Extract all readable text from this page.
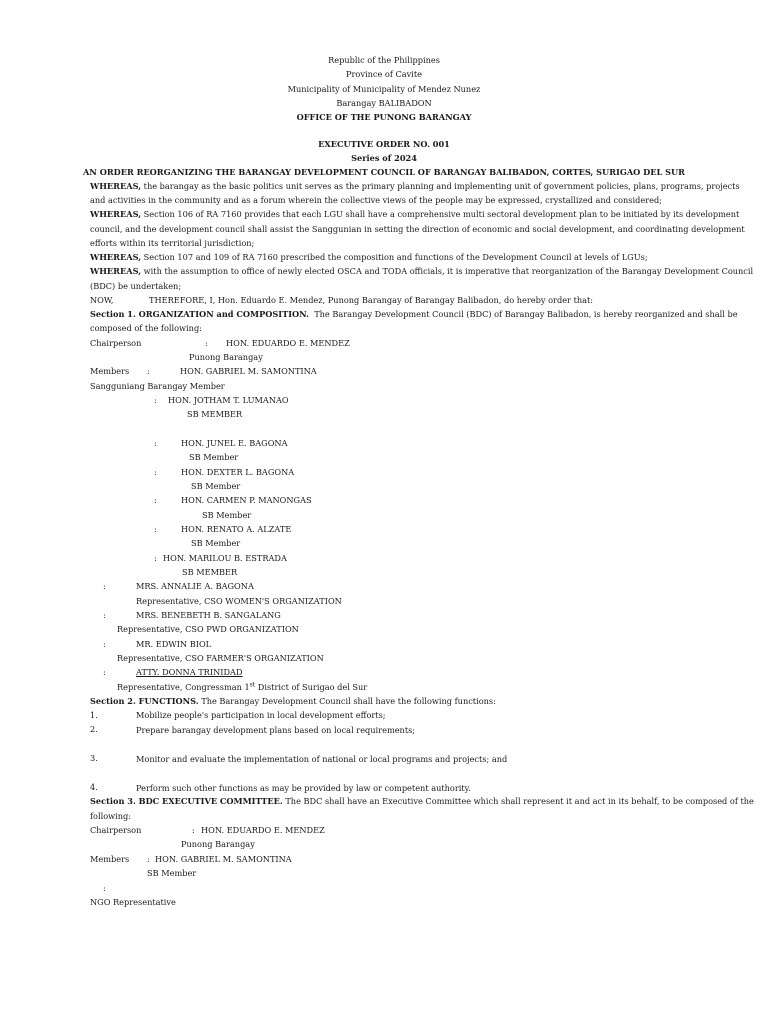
Republic of the Philippines
Province of Cavite
Municipality of Municipality of Mendez Nunez
Barangay BALIBADON
OFFICE OF THE PUNONG BARANGAY
EXECUTIVE ORDER NO. 001
Series of 2024
AN ORDER REORGANIZING THE BARANGAY DEVELOPMENT COUNCIL OF BARANGAY BALIBADON, CORTES, SURIGAO DEL SUR
WHEREAS, the barangay as the basic politics unit serves as the primary planning and implementing unit of government policies, plans, programs, projects
and activities in the community and as a forum wherein the collective views of the people may be expressed, crystallized and considered;
WHEREAS, Section 106 of RA 7160 provides that each LGU shall have a comprehensive multi sectoral development plan to be initiated by its development
council, and the development council shall assist the Sanggunian in setting the direction of economic and social development, and coordinating development
efforts within its territorial jurisdiction;
WHEREAS, Section 107 and 109 of RA 7160 prescribed the composition and functions of the Development Council at levels of LGUs;
WHEREAS, with the assumption to office of newly elected OSCA and TODA officials, it is imperative that reorganization of the Barangay Development Council
(BDC) be undertaken;
NOW,	THEREFORE, I, Hon. Eduardo E. Mendez, Punong Barangay of Barangay Balibadon, do hereby order that:
Section 1. ORGANIZATION and COMPOSITION. The Barangay Development Council (BDC) of Barangay Balibadon, is hereby reorganized and shall be
composed of the following:
Chairperson	: HON. EDUARDO E. MENDEZ
Punong Barangay
Members :	HON. GABRIEL M. SAMONTINA
Sangguniang Barangay Member
: HON. JOTHAM T. LUMANAO
SB MEMBER
:	HON. JUNEL E. BAGONA
SB Member
:	HON. DEXTER L. BAGONA
SB Member
:	HON. CARMEN P. MANONGAS
SB Member
:	HON. RENATO A. ALZATE
SB Member
: HON. MARILOU B. ESTRADA
SB MEMBER
:	MRS. ANNALIE A. BAGONA
Representative, CSO WOMEN'S ORGANIZATION
:	MRS. BENEBETH B. SANGALANG
Representative, CSO PWD ORGANIZATION
:	MR. EDWIN BIOL
Representative, CSO FARMER'S ORGANIZATION
:	ATTY. DONNA TRINIDAD
Representative, Congressman 1st District of Surigao del Sur
Section 2. FUNCTIONS. The Barangay Development Council shall have the following functions:
1.	Mobilize people's participation in local development efforts;
2.	Prepare barangay development plans based on local requirements;
3.	Monitor and evaluate the implementation of national or local programs and projects; and
4.	Perform such other functions as may be provided by law or competent authority.
Section 3. BDC EXECUTIVE COMMITTEE. The BDC shall have an Executive Committee which shall represent it and act in its behalf, to be composed of the
following:
Chairperson	: HON. EDUARDO E. MENDEZ
Punong Barangay
Members : HON. GABRIEL M. SAMONTINA
SB Member
:
NGO Representative
